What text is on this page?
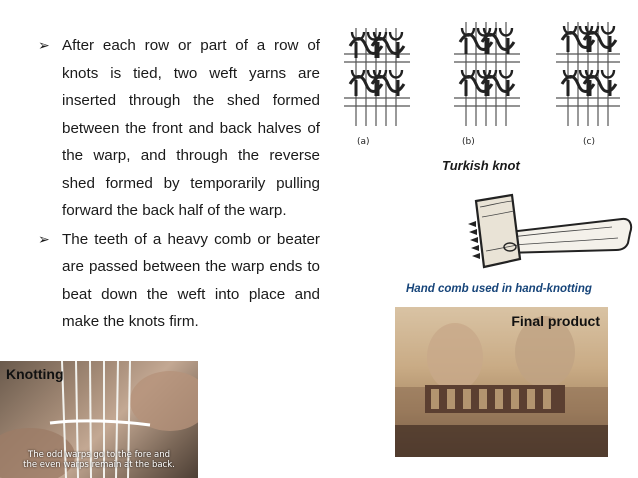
➢ After each row or part of a row of knots is tied, two weft yarns are inserted through the shed formed between the front and back halves of the warp, and through the reverse shed formed by temporarily pulling forward the back half of the warp.
➢ The teeth of a heavy comb or beater are passed between the warp ends to beat down the weft into place and make the knots firm.
(a)	(b)	(c)
Turkish knot
Hand comb used in hand-knotting
Final product
Knotting
The odd warps go to the fore and
the even warps remain at the back.
